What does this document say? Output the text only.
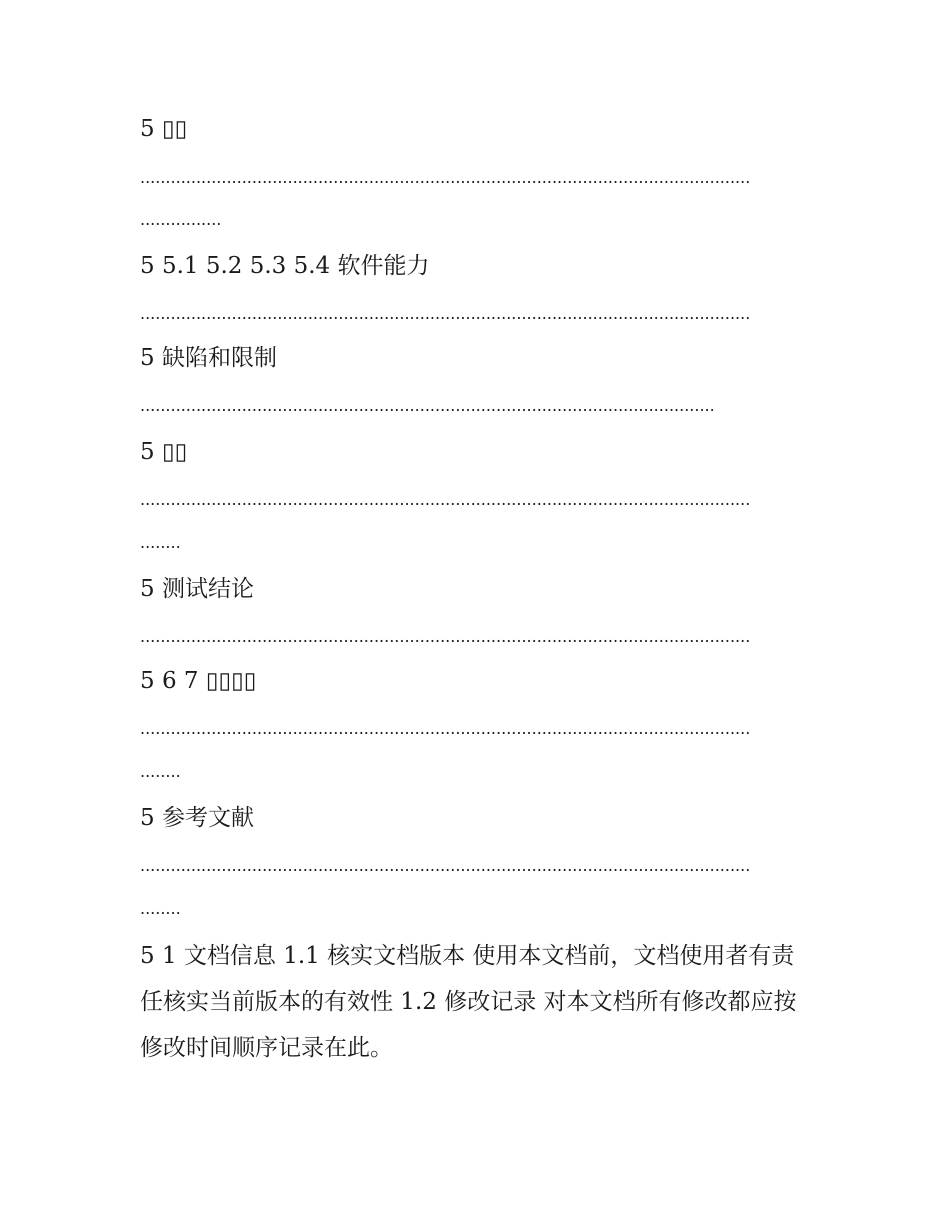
5 ▯▯
........................................................................................................................
................
5 5.1 5.2 5.3 5.4 软件能力
........................................................................................................................
5 缺陷和限制
.................................................................................................................
5 ▯▯
........................................................................................................................
........
5 测试结论
........................................................................................................................
5 6 7 ▯▯▯▯
........................................................................................................................
........
5 参考文献
........................................................................................................................
........
5 1 文档信息 1.1 核实文档版本 使用本文档前，文档使用者有责任核实当前版本的有效性 1.2 修改记录 对本文档所有修改都应按修改时间顺序记录在此。
